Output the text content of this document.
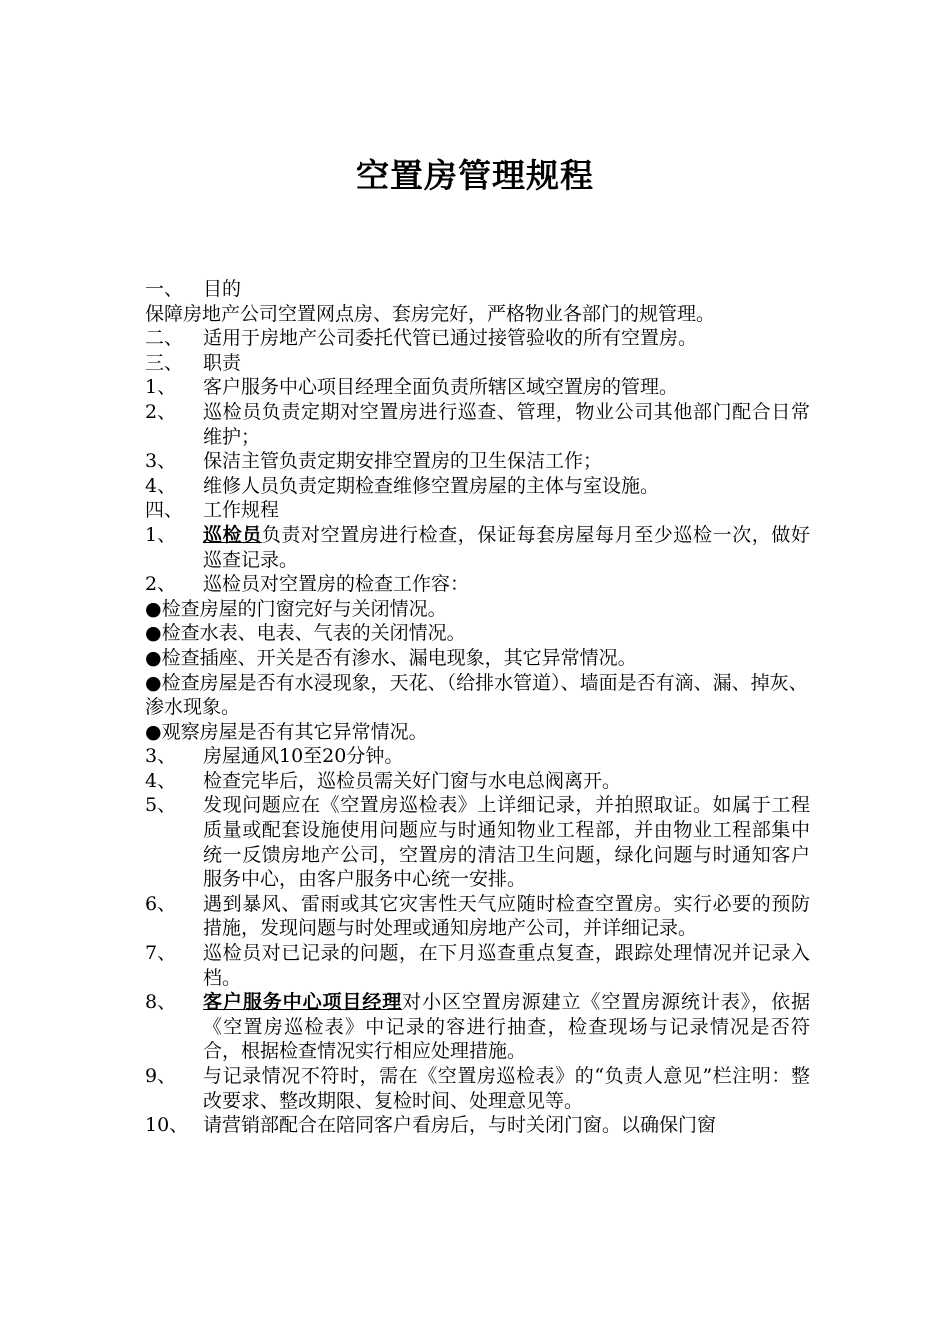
空置房管理规程
一、	目的
保障房地产公司空置网点房、套房完好，严格物业各部门的规管理。
二、	适用于房地产公司委托代管已通过接管验收的所有空置房。
三、	职责
1、	客户服务中心项目经理全面负责所辖区域空置房的管理。
2、	巡检员负责定期对空置房进行巡查、管理，物业公司其他部门配合日常维护；
3、	保洁主管负责定期安排空置房的卫生保洁工作；
4、	维修人员负责定期检查维修空置房屋的主体与室设施。
四、	工作规程
1、	巡检员负责对空置房进行检查，保证每套房屋每月至少巡检一次，做好巡查记录。
2、	巡检员对空置房的检查工作容：
●检查房屋的门窗完好与关闭情况。
●检查水表、电表、气表的关闭情况。
●检查插座、开关是否有渗水、漏电现象，其它异常情况。
●检查房屋是否有水浸现象，天花、（给排水管道）、墙面是否有滴、漏、掉灰、渗水现象。
●观察房屋是否有其它异常情况。
3、	房屋通风10至20分钟。
4、	检查完毕后，巡检员需关好门窗与水电总阀离开。
5、	发现问题应在《空置房巡检表》上详细记录，并拍照取证。如属于工程质量或配套设施使用问题应与时通知物业工程部，并由物业工程部集中统一反馈房地产公司，空置房的清洁卫生问题，绿化问题与时通知客户服务中心，由客户服务中心统一安排。
6、	遇到暴风、雷雨或其它灾害性天气应随时检查空置房。实行必要的预防措施，发现问题与时处理或通知房地产公司，并详细记录。
7、	巡检员对已记录的问题，在下月巡查重点复查，跟踪处理情况并记录入档。
8、	客户服务中心项目经理对小区空置房源建立《空置房源统计表》，依据《空置房巡检表》中记录的容进行抽查，检查现场与记录情况是否符合，根据检查情况实行相应处理措施。
9、	与记录情况不符时，需在《空置房巡检表》的“负责人意见”栏注明：整改要求、整改期限、复检时间、处理意见等。
10、 请营销部配合在陪同客户看房后，与时关闭门窗。以确保门窗
